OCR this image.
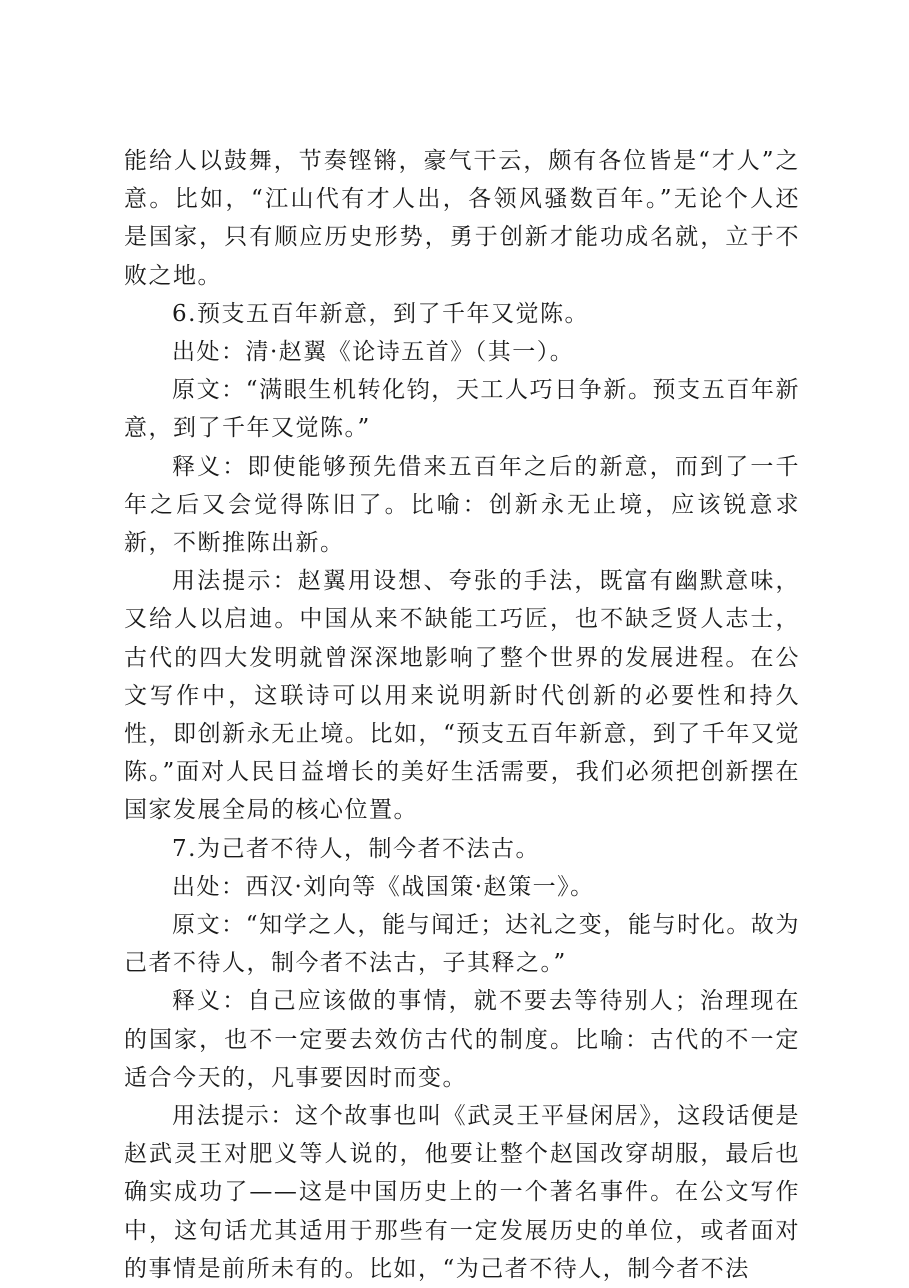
能给人以鼓舞，节奏铿锵，豪气干云，颇有各位皆是“才人”之意。比如，“江山代有才人出，各领风骚数百年。”无论个人还是国家，只有顺应历史形势，勇于创新才能功成名就，立于不败之地。

6.预支五百年新意，到了千年又觉陈。

出处：清·赵翼《论诗五首》（其一）。

原文：“满眼生机转化钧，天工人巧日争新。预支五百年新意，到了千年又觉陈。”

释义：即使能够预先借来五百年之后的新意，而到了一千年之后又会觉得陈旧了。比喻：创新永无止境，应该锐意求新，不断推陈出新。

用法提示：赵翼用设想、夸张的手法，既富有幽默意味，又给人以启迪。中国从来不缺能工巧匠，也不缺乏贤人志士，古代的四大发明就曾深深地影响了整个世界的发展进程。在公文写作中，这联诗可以用来说明新时代创新的必要性和持久性，即创新永无止境。比如，“预支五百年新意，到了千年又觉陈。”面对人民日益增长的美好生活需要，我们必须把创新摆在国家发展全局的核心位置。

7.为己者不待人，制今者不法古。

出处：西汉·刘向等《战国策·赵策一》。

原文：“知学之人，能与闻迁；达礼之变，能与时化。故为己者不待人，制今者不法古，子其释之。”

释义：自己应该做的事情，就不要去等待别人；治理现在的国家，也不一定要去效仿古代的制度。比喻：古代的不一定适合今天的，凡事要因时而变。

用法提示：这个故事也叫《武灵王平昼闲居》，这段话便是赵武灵王对肥义等人说的，他要让整个赵国改穿胡服，最后也确实成功了——这是中国历史上的一个著名事件。在公文写作中，这句话尤其适用于那些有一定发展历史的单位，或者面对的事情是前所未有的。比如，“为己者不待人，制今者不法
